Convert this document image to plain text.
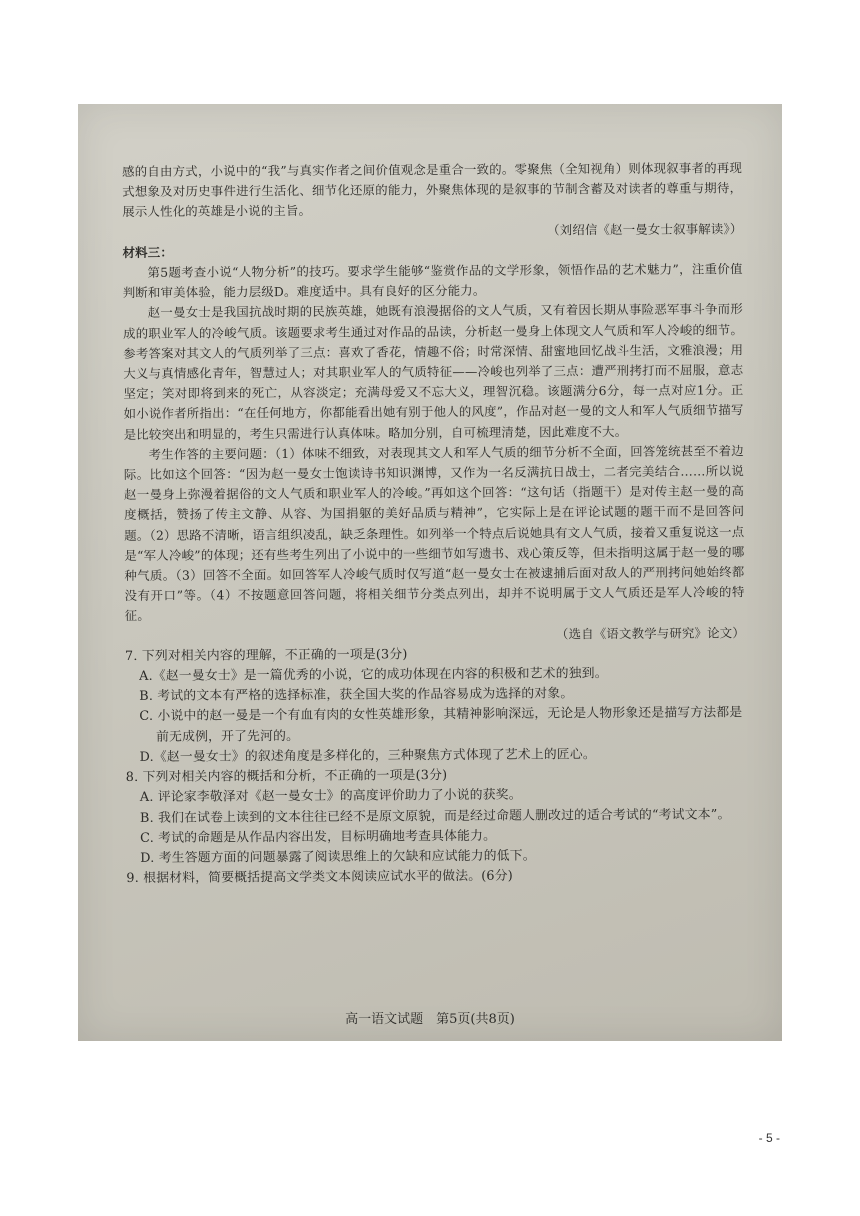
感的自由方式，小说中的“我”与真实作者之间价值观念是重合一致的。零聚焦（全知视角）则体现叙事者的再现式想象及对历史事件进行生活化、细节化还原的能力，外聚焦体现的是叙事的节制含蓄及对读者的尊重与期待，展示人性化的英雄是小说的主旨。

（刘绍信《赵一曼女士叙事解读》）

材料三：

第5题考查小说“人物分析”的技巧。要求学生能够“鉴赏作品的文学形象，领悟作品的艺术魅力”，注重价值判断和审美体验，能力层级D。难度适中。具有良好的区分能力。

赵一曼女士是我国抗战时期的民族英雄，她既有浪漫据俗的文人气质，又有着因长期从事险恶军事斗争而形成的职业军人的冷峻气质。该题要求考生通过对作品的品读，分析赵一曼身上体现文人气质和军人冷峻的细节。参考答案对其文人的气质列举了三点：喜欢了香花，情趣不俗；时常深情、甜蜜地回忆战斗生活，文雅浪漫；用大义与真情感化青年，智慧过人；对其职业军人的气质特征——冷峻也列举了三点：遭严刑拷打而不屈服，意志坚定；笑对即将到来的死亡，从容淡定；充满母爱又不忘大义，理智沉稳。该题满分6分，每一点对应1分。正如小说作者所指出：“在任何地方，你都能看出她有别于他人的风度”，作品对赵一曼的文人和军人气质细节描写是比较突出和明显的，考生只需进行认真体味。略加分别，自可梳理清楚，因此难度不大。

考生作答的主要问题：（1）体味不细致，对表现其文人和军人气质的细节分析不全面，回答笼统甚至不着边际。比如这个回答：“因为赵一曼女士饱读诗书知识渊博，又作为一名反满抗日战士，二者完美结合……所以说赵一曼身上弥漫着据俗的文人气质和职业军人的冷峻。”再如这个回答：“这句话（指题干）是对传主赵一曼的高度概括，赞扬了传主文静、从容、为国捐躯的美好品质与精神”，它实际上是在评论试题的题干而不是回答问题。（2）思路不清晰，语言组织凌乱，缺乏条理性。如列举一个特点后说她具有文人气质，接着又重复说这一点是“军人冷峻”的体现；还有些考生列出了小说中的一些细节如写遗书、戏心策反等，但未指明这属于赵一曼的哪种气质。（3）回答不全面。如回答军人冷峻气质时仅写道“赵一曼女士在被逮捕后面对敌人的严刑拷问她始终都没有开口”等。（4）不按题意回答问题，将相关细节分类点列出，却并不说明属于文人气质还是军人冷峻的特征。

（选自《语文教学与研究》论文）

7. 下列对相关内容的理解，不正确的一项是(3分)

A.《赵一曼女士》是一篇优秀的小说，它的成功体现在内容的积极和艺术的独到。

B. 考试的文本有严格的选择标准，获全国大奖的作品容易成为选择的对象。

C. 小说中的赵一曼是一个有血有肉的女性英雄形象，其精神影响深远，无论是人物形象还是描写方法都是前无成例，开了先河的。

D.《赵一曼女士》的叙述角度是多样化的，三种聚焦方式体现了艺术上的匠心。

8. 下列对相关内容的概括和分析，不正确的一项是(3分)

A. 评论家李敬泽对《赵一曼女士》的高度评价助力了小说的获奖。

B. 我们在试卷上读到的文本往往已经不是原文原貌，而是经过命题人删改过的适合考试的“考试文本”。

C. 考试的命题是从作品内容出发，目标明确地考查具体能力。

D. 考生答题方面的问题暴露了阅读思维上的欠缺和应试能力的低下。

9. 根据材料，简要概括提高文学类文本阅读应试水平的做法。(6分)

高一语文试题　第5页(共8页)
- 5 -
